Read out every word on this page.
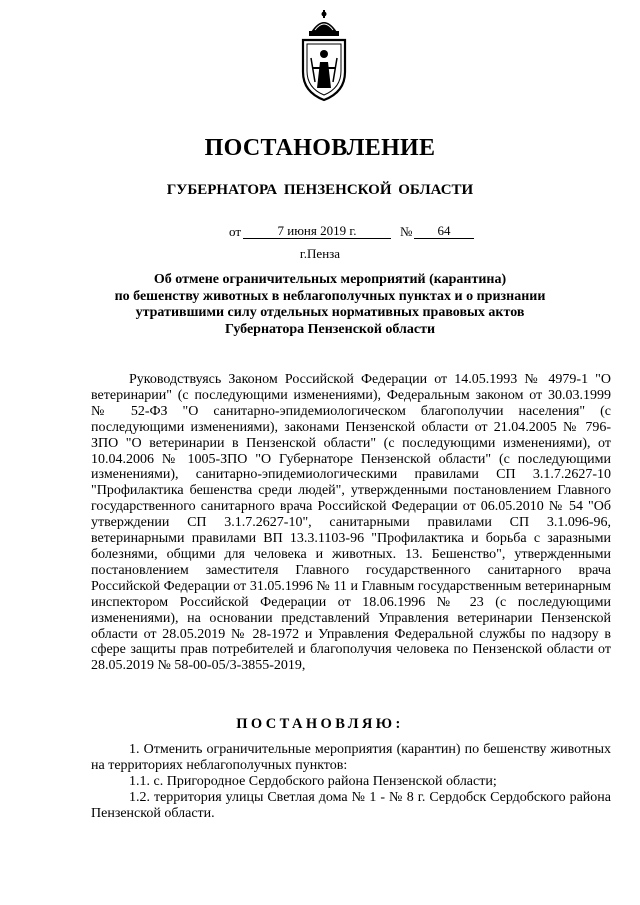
ПОСТАНОВЛЕНИЕ
ГУБЕРНАТОРА ПЕНЗЕНСКОЙ ОБЛАСТИ
от	7 июня 2019 г.	№	64
г.Пенза
Об отмене ограничительных мероприятий (карантина)
по бешенству животных в неблагополучных пунктах и о признании
утратившими силу отдельных нормативных правовых актов
Губернатора Пензенской области

Руководствуясь Законом Российской Федерации от 14.05.1993 № 4979-1 "О ветеринарии" (с последующими изменениями), Федеральным законом от 30.03.1999 № 52-ФЗ "О санитарно-эпидемиологическом благополучии населения" (с последующими изменениями), законами Пензенской области от 21.04.2005 № 796-ЗПО "О ветеринарии в Пензенской области" (с последующими изменениями), от 10.04.2006 № 1005-ЗПО "О Губернаторе Пензенской области" (с последующими изменениями), санитарно-эпидемиологическими правилами СП 3.1.7.2627-10 "Профилактика бешенства среди людей", утвержденными постановлением Главного государственного санитарного врача Российской Федерации от 06.05.2010 № 54 "Об утверждении СП 3.1.7.2627-10", санитарными правилами СП 3.1.096-96, ветеринарными правилами ВП 13.3.1103-96 "Профилактика и борьба с заразными болезнями, общими для человека и животных. 13. Бешенство", утвержденными постановлением заместителя Главного государственного санитарного врача Российской Федерации от 31.05.1996 № 11 и Главным государственным ветеринарным инспектором Российской Федерации от 18.06.1996 № 23 (с последующими изменениями), на основании представлений Управления ветеринарии Пензенской области от 28.05.2019 № 28-1972 и Управления Федеральной службы по надзору в сфере защиты прав потребителей и благополучия человека по Пензенской области от 28.05.2019 № 58-00-05/3-3855-2019,

ПОСТАНОВЛЯЮ:

1. Отменить ограничительные мероприятия (карантин) по бешенству животных на территориях неблагополучных пунктов:

1.1. с. Пригородное Сердобского района Пензенской области;

1.2. территория улицы Светлая дома № 1 - № 8 г. Сердобск Сердобского района Пензенской области.
